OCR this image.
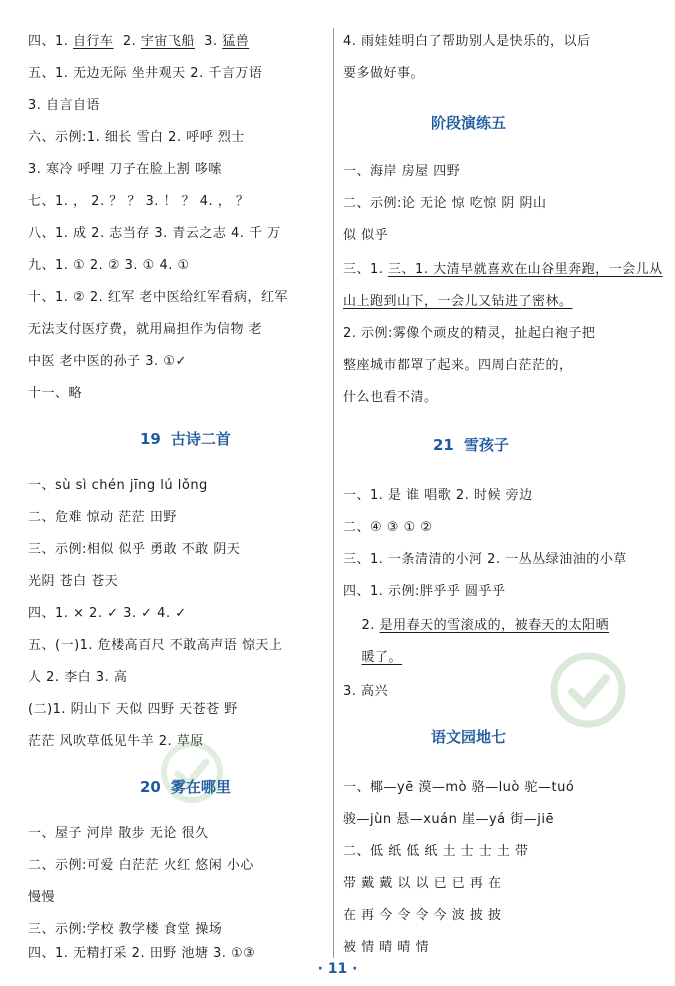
四、1. 自行车  2. 宇宙飞船  3. 猛兽
五、1. 无边无际 坐井观天 2. 千言万语
3. 自言自语
六、示例:1. 细长 雪白 2. 呼呼 烈士
3. 寒冷 呼哩 刀子在脸上割 哆嗦
七、1. ， 2. ？ ？ 3. ！ ？ 4. ， ？
八、1. 成 2. 志当存 3. 青云之志 4. 千 万
九、1. ① 2. ② 3. ① 4. ①
十、1. ② 2. 红军 老中医给红军看病，红军
无法支付医疗费，就用扁担作为信物 老
中医 老中医的孙子 3. ①✓
十一、略
19 古诗二首
一、sù sì chén jīng lú lǒng
二、危难 惊动 茫茫 田野
三、示例:相似 似乎 勇敢 不敢 阴天
光阴 苍白 苍天
四、1. × 2. ✓ 3. ✓ 4. ✓
五、(一)1. 危楼高百尺 不敢高声语 惊天上
人 2. 李白 3. 高
(二)1. 阴山下 天似 四野 天苍苍 野
茫茫 风吹草低见牛羊 2. 草原
20 雾在哪里
一、屋子 河岸 散步 无论 很久
二、示例:可爱 白茫茫 火红 悠闲 小心
慢慢
三、示例:学校 教学楼 食堂 操场
四、1. 无精打采 2. 田野 池塘 3. ①③
4. 雨娃娃明白了帮助别人是快乐的，以后
要多做好事。
阶段演练五
一、海岸 房屋 四野
二、示例:论 无论 惊 吃惊 阴 阴山
似 似乎
三、1. 三、1. 大清早就喜欢在山谷里奔跑，一会儿从
山上跑到山下，一会儿又钻进了密林。
2. 示例:雾像个顽皮的精灵，扯起白袍子把
整座城市都罩了起来。四周白茫茫的，
什么也看不清。
21 雪孩子
一、1. 是 谁 唱歌 2. 时候 旁边
二、④ ③ ① ②
三、1. 一条清清的小河 2. 一丛丛绿油油的小草
四、1. 示例:胖乎乎 圆乎乎
2. 是用春天的雪滚成的，被春天的太阳晒
暖了。
3. 高兴
语文园地七
一、椰—yē 漠—mò 骆—luò 驼—tuó
骏—jùn 悬—xuán 崖—yá 街—jiē
二、低 纸 低 纸 土 士 士 土 带
带 戴 戴 以 以 已 已 再 在
在 再 今 令 令 今 波 披 披
被 情 晴 晴 情
· 11 ·
